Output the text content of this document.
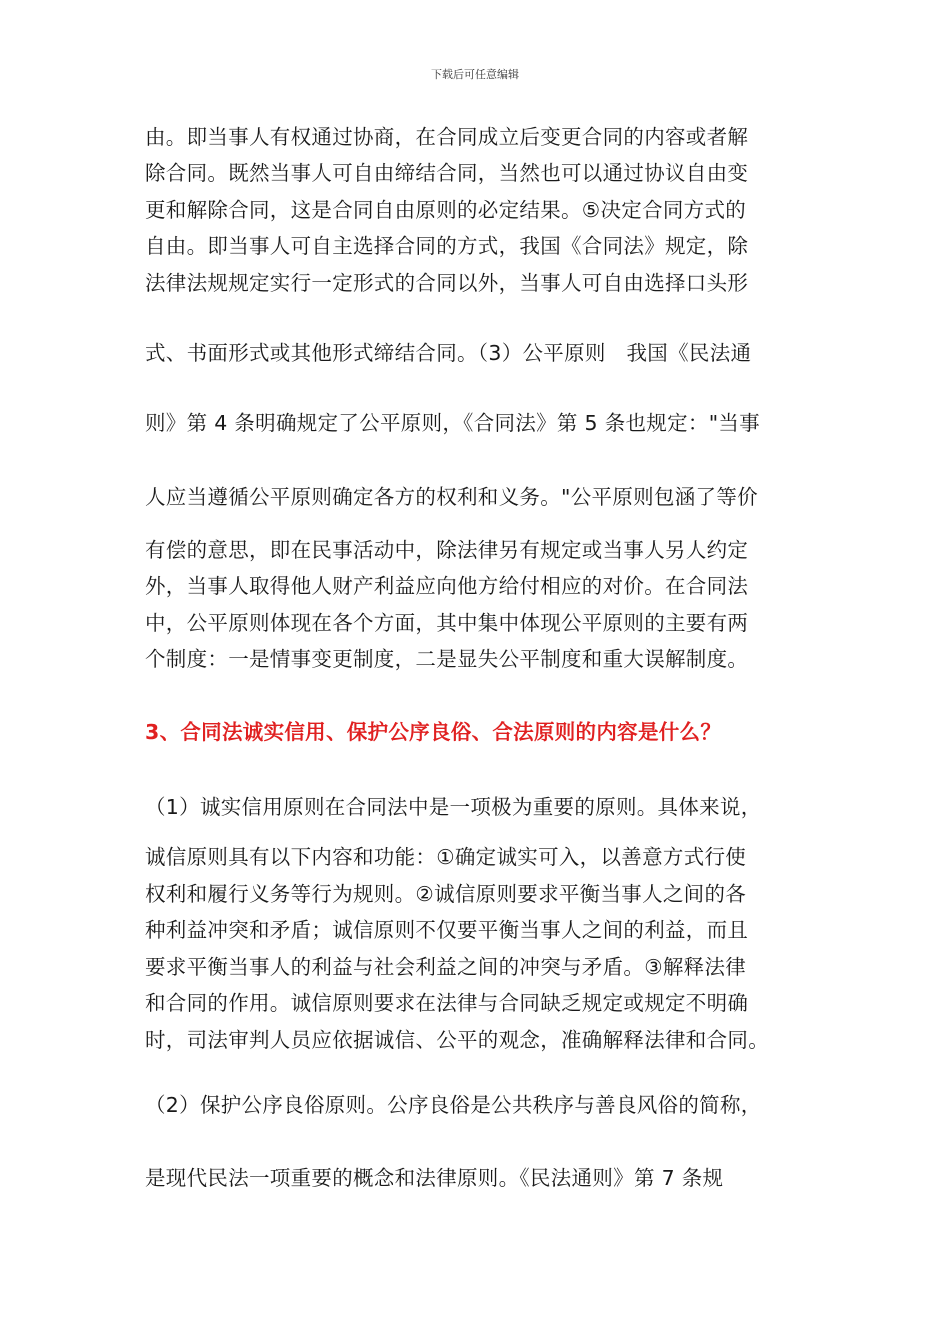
下载后可任意编辑
由。即当事人有权通过协商，在合同成立后变更合同的内容或者解
除合同。既然当事人可自由缔结合同，当然也可以通过协议自由变
更和解除合同，这是合同自由原则的必定结果。⑤决定合同方式的
自由。即当事人可自主选择合同的方式，我国《合同法》规定，除
法律法规规定实行一定形式的合同以外，当事人可自由选择口头形
式、书面形式或其他形式缔结合同。（3）公平原则　我国《民法通
则》第 4 条明确规定了公平原则，《合同法》第 5 条也规定："当事
人应当遵循公平原则确定各方的权利和义务。"公平原则包涵了等价
有偿的意思，即在民事活动中，除法律另有规定或当事人另人约定
外，当事人取得他人财产利益应向他方给付相应的对价。在合同法
中，公平原则体现在各个方面，其中集中体现公平原则的主要有两
个制度：一是情事变更制度，二是显失公平制度和重大误解制度。
3、合同法诚实信用、保护公序良俗、合法原则的内容是什么？
（1）诚实信用原则在合同法中是一项极为重要的原则。具体来说，
诚信原则具有以下内容和功能：①确定诚实可入，以善意方式行使
权利和履行义务等行为规则。②诚信原则要求平衡当事人之间的各
种利益冲突和矛盾；诚信原则不仅要平衡当事人之间的利益，而且
要求平衡当事人的利益与社会利益之间的冲突与矛盾。③解释法律
和合同的作用。诚信原则要求在法律与合同缺乏规定或规定不明确
时，司法审判人员应依据诚信、公平的观念，准确解释法律和合同。
（2）保护公序良俗原则。公序良俗是公共秩序与善良风俗的简称，
是现代民法一项重要的概念和法律原则。《民法通则》第 7 条规
